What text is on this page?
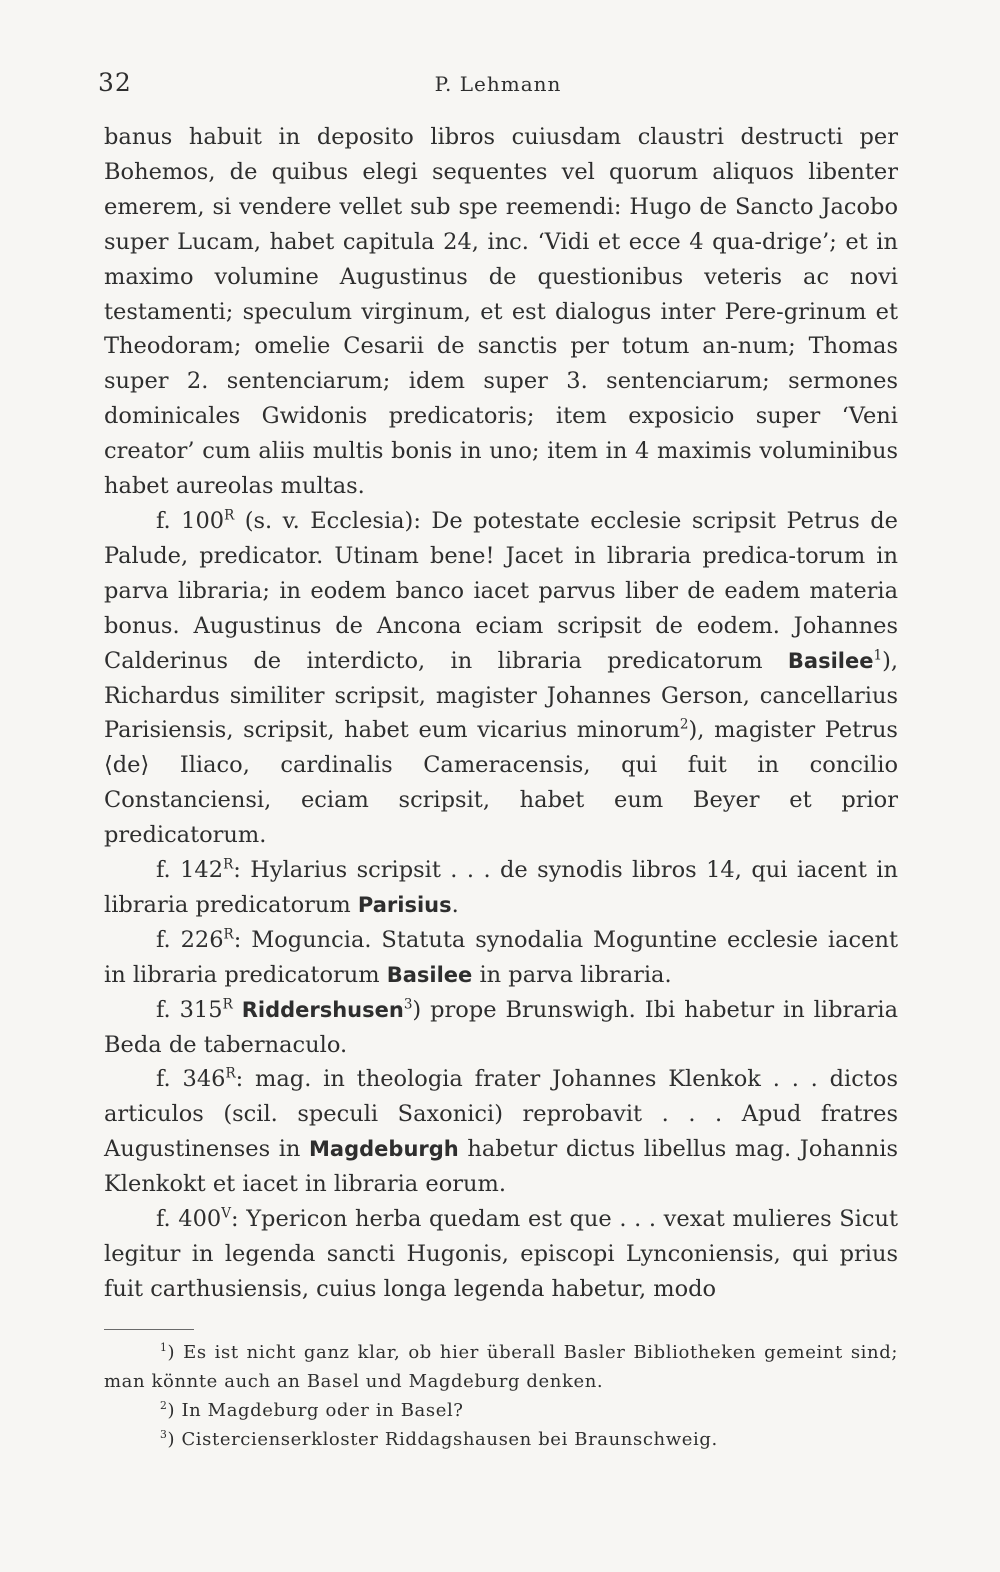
32	P. Lehmann

banus habuit in deposito libros cuiusdam claustri destructi per Bohemos, de quibus elegi sequentes vel quorum aliquos libenter emerem, si vendere vellet sub spe reemendi: Hugo de Sancto Jacobo super Lucam, habet capitula 24, inc. ‘Vidi et ecce 4 qua-drige’; et in maximo volumine Augustinus de questionibus veteris ac novi testamenti; speculum virginum, et est dialogus inter Pere-grinum et Theodoram; omelie Cesarii de sanctis per totum an-num; Thomas super 2. sentenciarum; idem super 3. sentenciarum; sermones dominicales Gwidonis predicatoris; item exposicio super ‘Veni creator’ cum aliis multis bonis in uno; item in 4 maximis voluminibus habet aureolas multas.

f. $100^R$ (s. v. Ecclesia): De potestate ecclesie scripsit Petrus de Palude, predicator. Utinam bene! Jacet in libraria predica-torum in parva libraria; in eodem banco iacet parvus liber de eadem materia bonus. Augustinus de Ancona eciam scripsit de eodem. Johannes Calderinus de interdicto, in libraria predicatorum Basilee$^1$), Richardus similiter scripsit, magister Johannes Gerson, cancellarius Parisiensis, scripsit, habet eum vicarius minorum$^2$), magister Petrus ⟨de⟩ Iliaco, cardinalis Cameracensis, qui fuit in concilio Constanciensi, eciam scripsit, habet eum Beyer et prior predicatorum.

f. $142^R$: Hylarius scripsit . . . de synodis libros 14, qui iacent in libraria predicatorum Parisius.

f. $226^R$: Moguncia. Statuta synodalia Moguntine ecclesie iacent in libraria predicatorum Basilee in parva libraria.

f. $315^R$ Riddershusen$^3$) prope Brunswigh. Ibi habetur in libraria Beda de tabernaculo.

f. $346^R$: mag. in theologia frater Johannes Klenkok . . . dictos articulos (scil. speculi Saxonici) reprobavit . . . Apud fratres Augustinenses in Magdeburgh habetur dictus libellus mag. Johannis Klenkokt et iacet in libraria eorum.

f. $400^V$: Ypericon herba quedam est que . . . vexat mulieres Sicut legitur in legenda sancti Hugonis, episcopi Lynconiensis, qui prius fuit carthusiensis, cuius longa legenda habetur, modo

$^1$) Es ist nicht ganz klar, ob hier überall Basler Bibliotheken gemeint sind; man könnte auch an Basel und Magdeburg denken.

$^2$) In Magdeburg oder in Basel?

$^3$) Cistercienserkloster Riddagshausen bei Braunschweig.
